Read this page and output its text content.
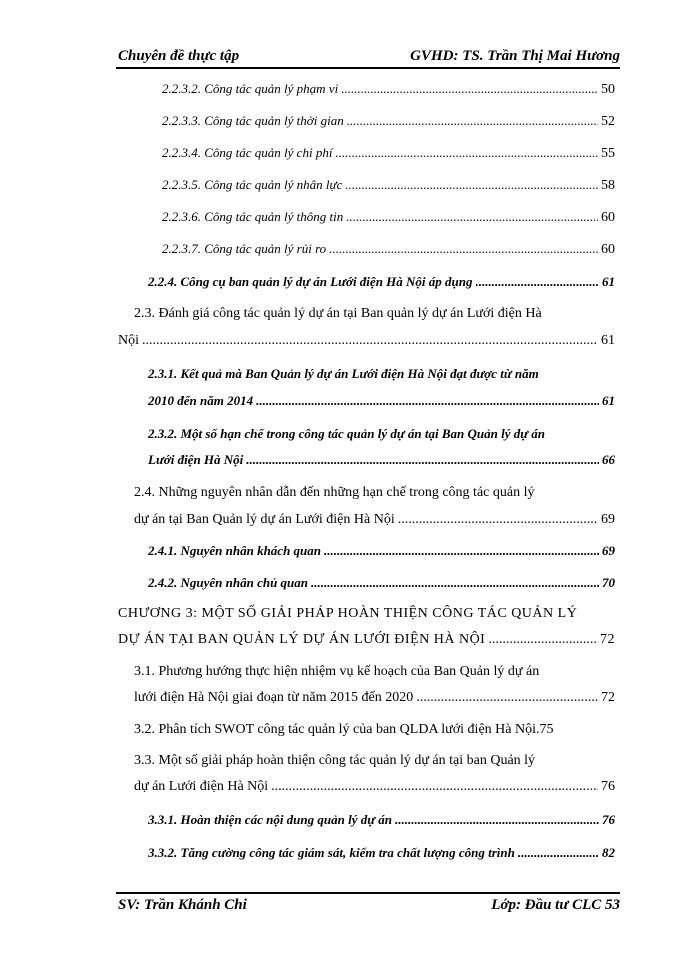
Chuyên đề thực tập	GVHD: TS. Trần Thị Mai Hương
2.2.3.2. Công tác quản lý phạm vi .....	50
2.2.3.3. Công tác quản lý thời gian .....	52
2.2.3.4. Công tác quản lý chi phí .....	55
2.2.3.5. Công tác quản lý nhân lực .....	58
2.2.3.6. Công tác quản lý thông tin .....	60
2.2.3.7. Công tác quản lý rủi ro .....	60
2.2.4. Công cụ ban quản lý dự án Lưới điện Hà Nội áp dụng .....	61
2.3. Đánh giá công tác quản lý dự án tại Ban quản lý dự án Lưới điện Hà
Nội .....	61
2.3.1. Kết quả mà Ban Quản lý dự án Lưới điện Hà Nội đạt được từ năm
2010 đến năm 2014 .....	61
2.3.2. Một số hạn chế trong công tác quản lý dự án tại Ban Quản lý dự án
Lưới điện Hà Nội .....	66
2.4. Những nguyên nhân dẫn đến những hạn chế trong công tác quản lý
dự án tại Ban Quản lý dự án Lưới điện Hà Nội .....	69
2.4.1. Nguyên nhân khách quan .....	69
2.4.2. Nguyên nhân chủ quan .....	70
CHƯƠNG 3: MỘT SỐ GIẢI PHÁP HOÀN THIỆN CÔNG TÁC QUẢN LÝ
DỰ ÁN TẠI BAN QUẢN LÝ DỰ ÁN LƯỚI ĐIỆN HÀ NỘI .....	72
3.1. Phương hướng thực hiện nhiệm vụ kế hoạch của Ban Quản lý dự án
lưới điện Hà Nội giai đoạn từ năm 2015 đến 2020 .....	72
3.2. Phân tích SWOT công tác quản lý của ban QLDA lưới điện Hà Nội.75
3.3. Một số giải pháp hoàn thiện công tác quản lý dự án tại ban Quản lý
dự án Lưới điện Hà Nội .....	76
3.3.1. Hoàn thiện các nội dung quản lý dự án .....	76
3.3.2. Tăng cường công tác giám sát, kiểm tra chất lượng công trình .....	82
SV: Trần Khánh Chi	Lớp: Đầu tư CLC 53
